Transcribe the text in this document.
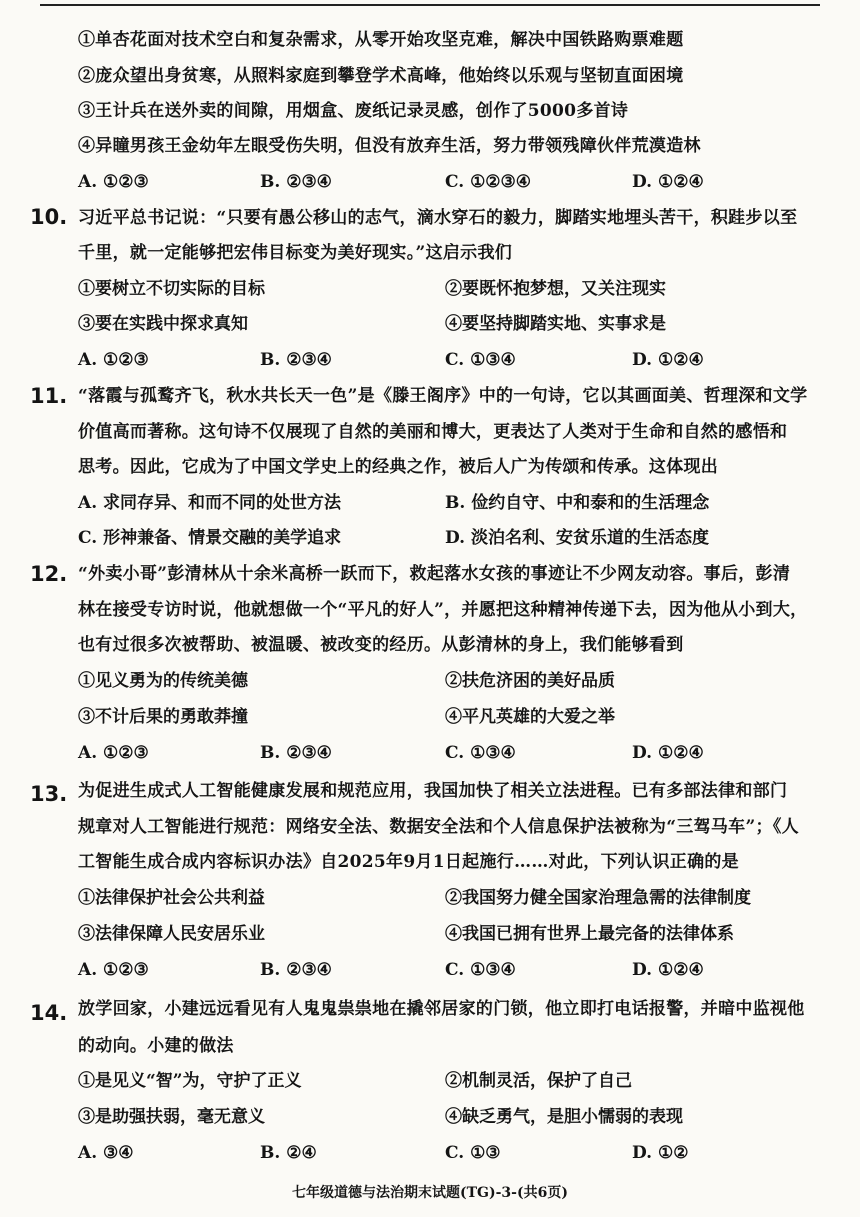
①单杏花面对技术空白和复杂需求，从零开始攻坚克难，解决中国铁路购票难题
②庞众望出身贫寒，从照料家庭到攀登学术高峰，他始终以乐观与坚韧直面困境
③王计兵在送外卖的间隙，用烟盒、废纸记录灵感，创作了5000多首诗
④异瞳男孩王金幼年左眼受伤失明，但没有放弃生活，努力带领残障伙伴荒漠造林
A. ①②③	B. ②③④	C. ①②③④	D. ①②④
10. 习近平总书记说：“只要有愚公移山的志气，滴水穿石的毅力，脚踏实地埋头苦干，积跬步以至
千里，就一定能够把宏伟目标变为美好现实。”这启示我们
①要树立不切实际的目标	②要既怀抱梦想，又关注现实
③要在实践中探求真知	④要坚持脚踏实地、实事求是
A. ①②③	B. ②③④	C. ①③④	D. ①②④
11. “落霞与孤鹜齐飞，秋水共长天一色”是《滕王阁序》中的一句诗，它以其画面美、哲理深和文学
价值高而著称。这句诗不仅展现了自然的美丽和博大，更表达了人类对于生命和自然的感悟和
思考。因此，它成为了中国文学史上的经典之作，被后人广为传颂和传承。这体现出
A. 求同存异、和而不同的处世方法	B. 俭约自守、中和泰和的生活理念
C. 形神兼备、情景交融的美学追求	D. 淡泊名利、安贫乐道的生活态度
12. “外卖小哥”彭清林从十余米高桥一跃而下，救起落水女孩的事迹让不少网友动容。事后，彭清
林在接受专访时说，他就想做一个“平凡的好人”，并愿把这种精神传递下去，因为他从小到大，
也有过很多次被帮助、被温暖、被改变的经历。从彭清林的身上，我们能够看到
①见义勇为的传统美德	②扶危济困的美好品质
③不计后果的勇敢莽撞	④平凡英雄的大爱之举
A. ①②③	B. ②③④	C. ①③④	D. ①②④
13. 为促进生成式人工智能健康发展和规范应用，我国加快了相关立法进程。已有多部法律和部门
规章对人工智能进行规范：网络安全法、数据安全法和个人信息保护法被称为“三驾马车”；《人
工智能生成合成内容标识办法》自2025年9月1日起施行……对此，下列认识正确的是
①法律保护社会公共利益	②我国努力健全国家治理急需的法律制度
③法律保障人民安居乐业	④我国已拥有世界上最完备的法律体系
A. ①②③	B. ②③④	C. ①③④	D. ①②④
14. 放学回家，小建远远看见有人鬼鬼祟祟地在撬邻居家的门锁，他立即打电话报警，并暗中监视他
的动向。小建的做法
①是见义“智”为，守护了正义	②机制灵活，保护了自己
③是助强扶弱，毫无意义	④缺乏勇气，是胆小懦弱的表现
A. ③④	B. ②④	C. ①③	D. ①②
七年级道德与法治期末试题(TG)-3-(共6页)
